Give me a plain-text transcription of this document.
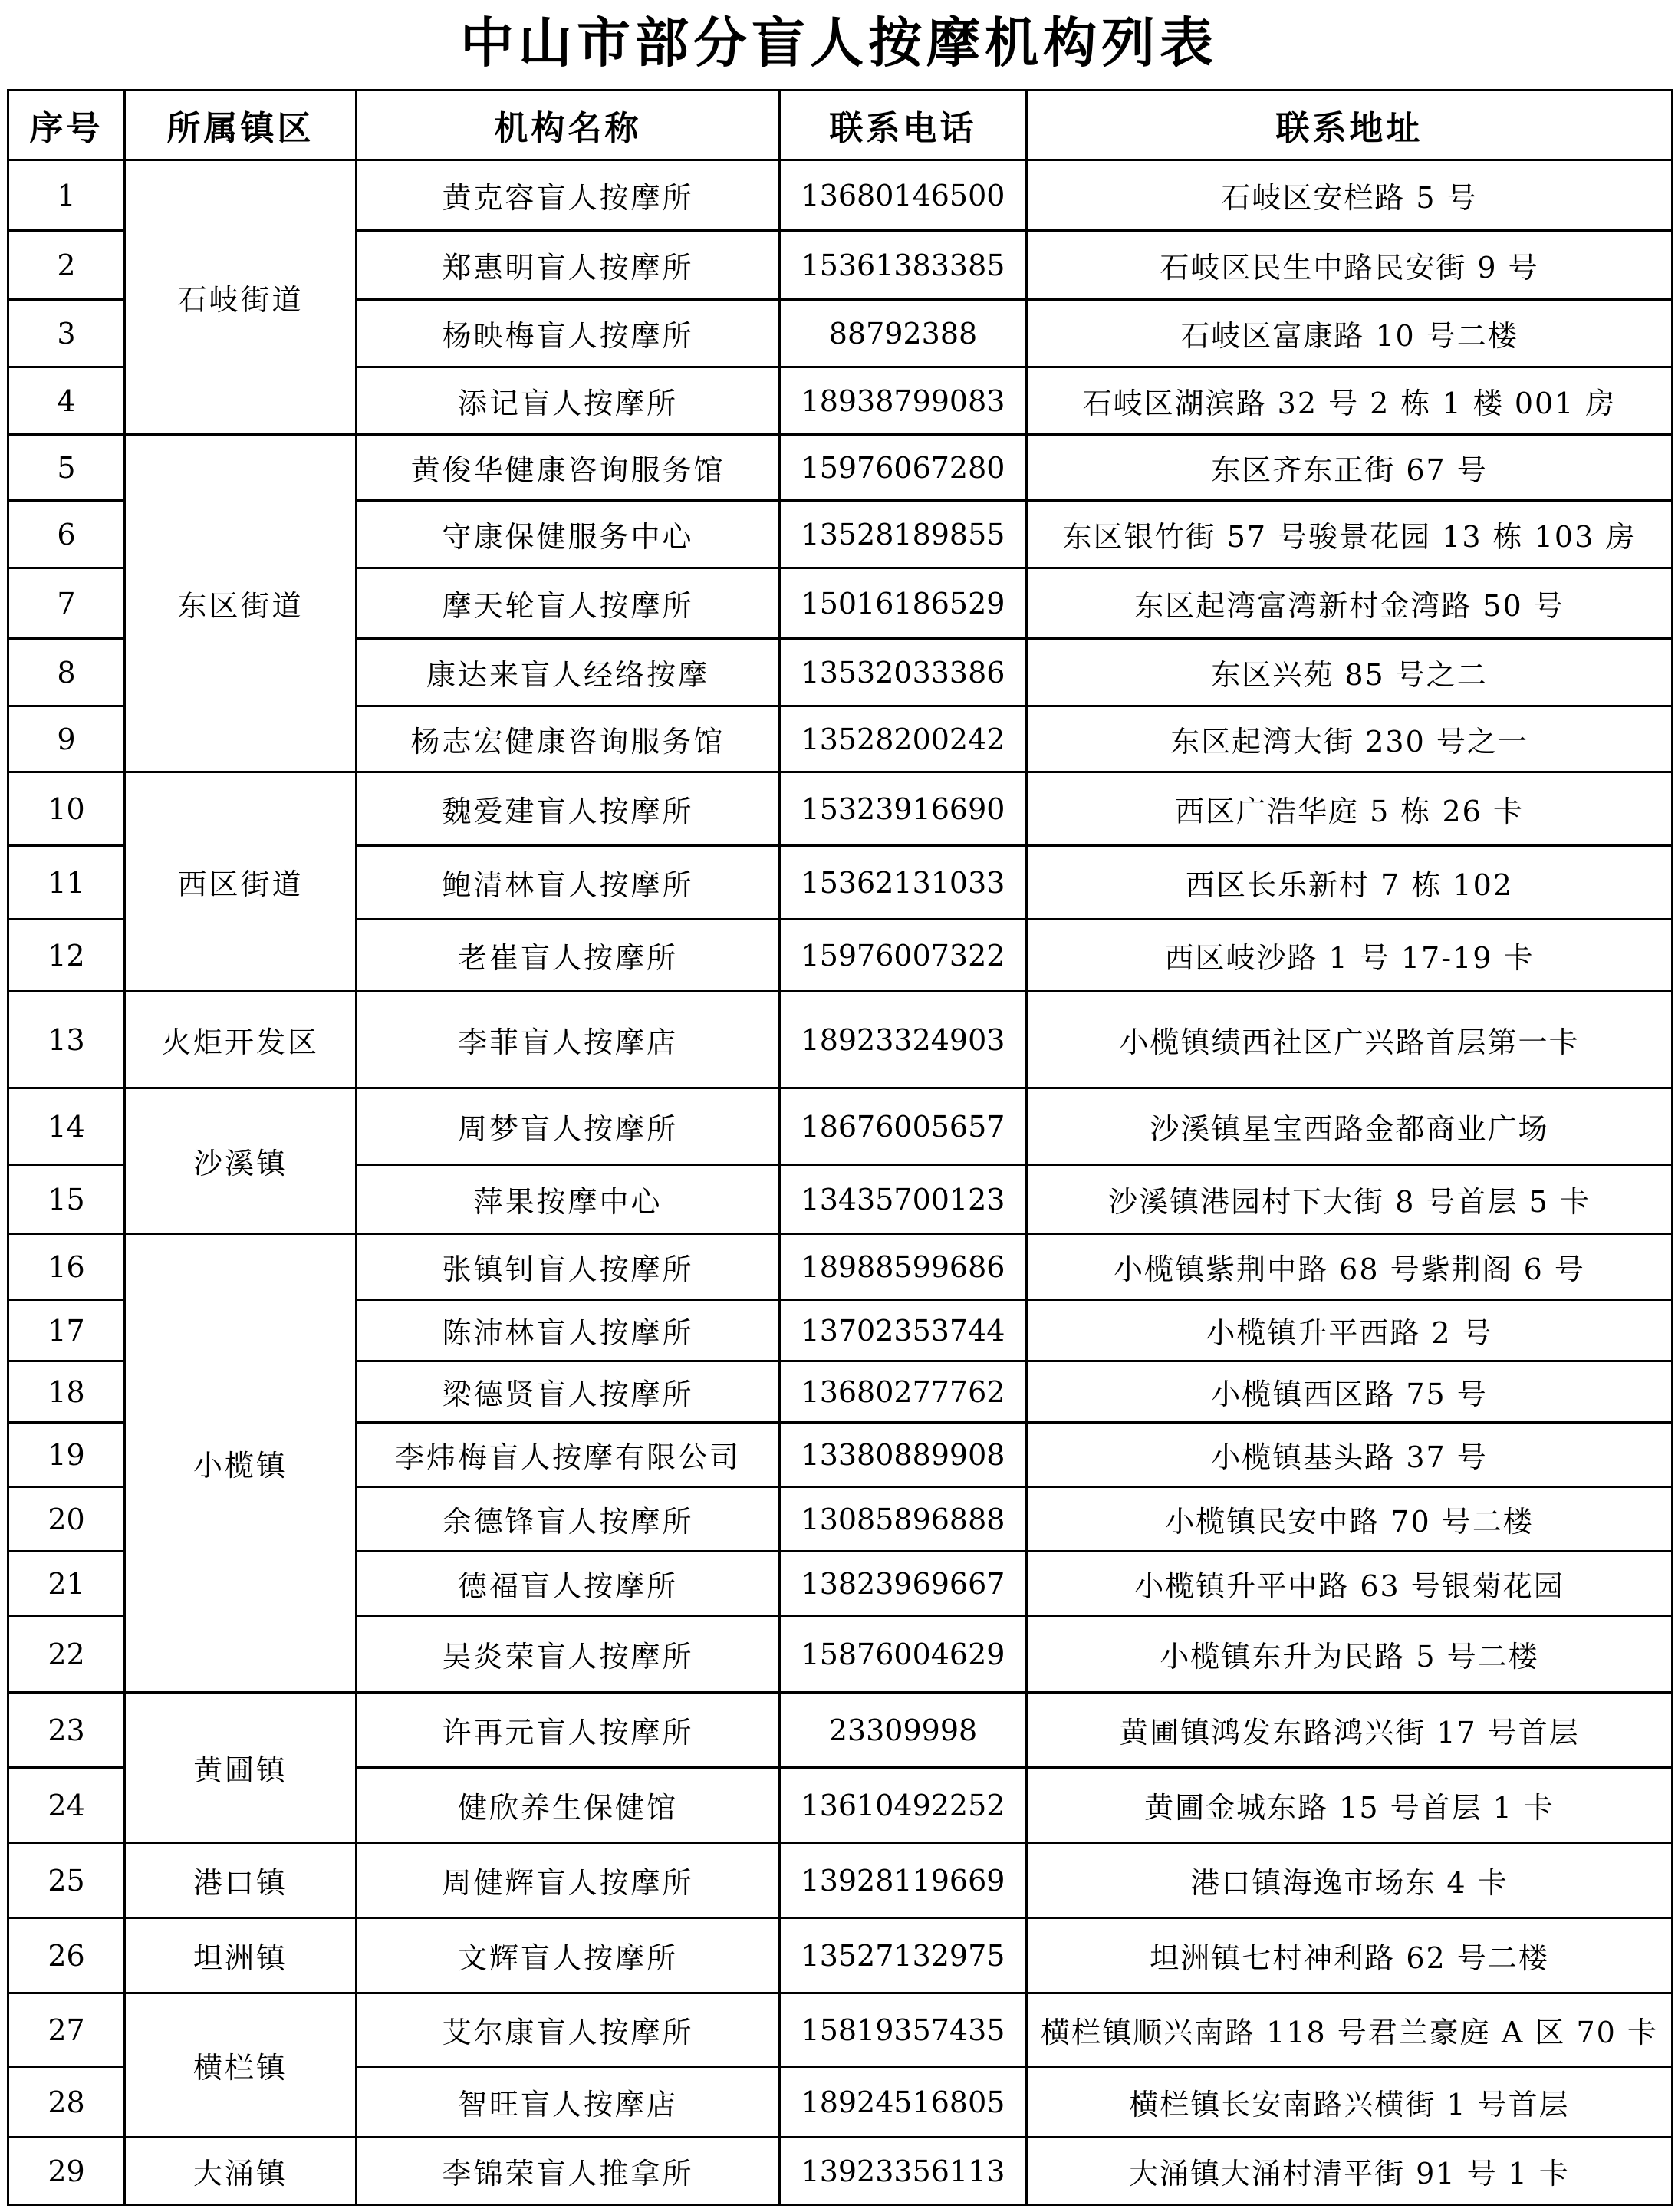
中山市部分盲人按摩机构列表
序号	所属镇区	机构名称	联系电话	联系地址
1	石岐街道	黄克容盲人按摩所	13680146500	石岐区安栏路 5 号
2		郑惠明盲人按摩所	15361383385	石岐区民生中路民安街 9 号
3		杨映梅盲人按摩所	88792388	石岐区富康路 10 号二楼
4		添记盲人按摩所	18938799083	石岐区湖滨路 32 号 2 栋 1 楼 001 房
5	东区街道	黄俊华健康咨询服务馆	15976067280	东区齐东正街 67 号
6		守康保健服务中心	13528189855	东区银竹街 57 号骏景花园 13 栋 103 房
7		摩天轮盲人按摩所	15016186529	东区起湾富湾新村金湾路 50 号
8		康达来盲人经络按摩	13532033386	东区兴苑 85 号之二
9		杨志宏健康咨询服务馆	13528200242	东区起湾大街 230 号之一
10	西区街道	魏爱建盲人按摩所	15323916690	西区广浩华庭 5 栋 26 卡
11		鲍清林盲人按摩所	15362131033	西区长乐新村 7 栋 102
12		老崔盲人按摩所	15976007322	西区岐沙路 1 号 17-19 卡
13	火炬开发区	李菲盲人按摩店	18923324903	小榄镇绩西社区广兴路首层第一卡
14	沙溪镇	周梦盲人按摩所	18676005657	沙溪镇星宝西路金都商业广场
15		萍果按摩中心	13435700123	沙溪镇港园村下大街 8 号首层 5 卡
16	小榄镇	张镇钊盲人按摩所	18988599686	小榄镇紫荆中路 68 号紫荆阁 6 号
17		陈沛林盲人按摩所	13702353744	小榄镇升平西路 2 号
18		梁德贤盲人按摩所	13680277762	小榄镇西区路 75 号
19		李炜梅盲人按摩有限公司	13380889908	小榄镇基头路 37 号
20		余德锋盲人按摩所	13085896888	小榄镇民安中路 70 号二楼
21		德福盲人按摩所	13823969667	小榄镇升平中路 63 号银菊花园
22		吴炎荣盲人按摩所	15876004629	小榄镇东升为民路 5 号二楼
23	黄圃镇	许再元盲人按摩所	23309998	黄圃镇鸿发东路鸿兴街 17 号首层
24		健欣养生保健馆	13610492252	黄圃金城东路 15 号首层 1 卡
25	港口镇	周健辉盲人按摩所	13928119669	港口镇海逸市场东 4 卡
26	坦洲镇	文辉盲人按摩所	13527132975	坦洲镇七村神利路 62 号二楼
27	横栏镇	艾尔康盲人按摩所	15819357435	横栏镇顺兴南路 118 号君兰豪庭 A 区 70 卡
28		智旺盲人按摩店	18924516805	横栏镇长安南路兴横街 1 号首层
29	大涌镇	李锦荣盲人推拿所	13923356113	大涌镇大涌村清平街 91 号 1 卡
